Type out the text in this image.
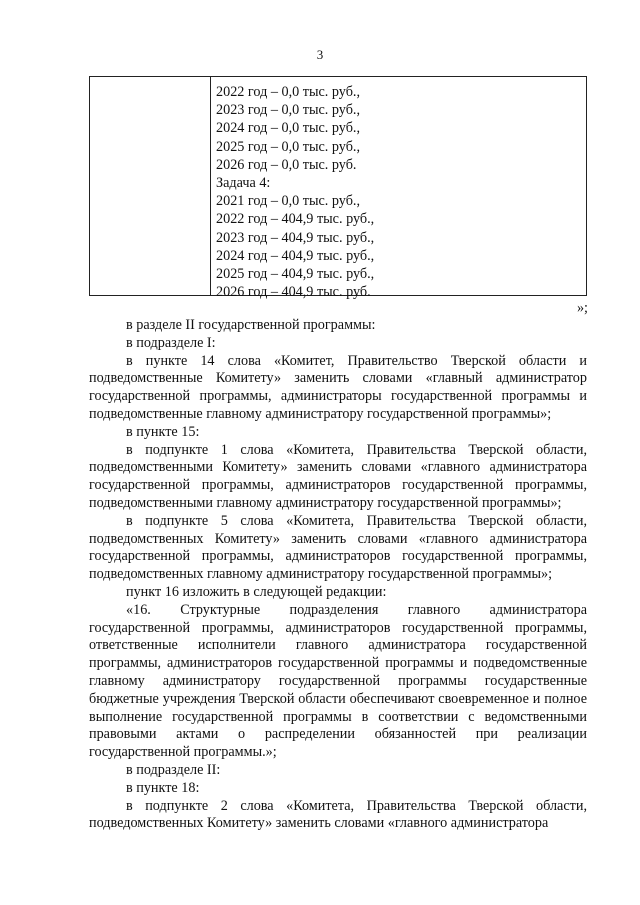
3
2022 год – 0,0 тыс. руб.,
2023 год – 0,0 тыс. руб.,
2024 год – 0,0 тыс. руб.,
2025 год – 0,0 тыс. руб.,
2026 год – 0,0 тыс. руб.
Задача 4:
2021 год – 0,0 тыс. руб.,
2022 год – 404,9 тыс. руб.,
2023 год – 404,9 тыс. руб.,
2024 год – 404,9 тыс. руб.,
2025 год – 404,9 тыс. руб.,
2026 год – 404,9 тыс. руб.
»;

в разделе II государственной программы:

в подразделе I:

в пункте 14 слова «Комитет, Правительство Тверской области и подведомственные Комитету» заменить словами «главный администратор государственной программы, администраторы государственной программы и подведомственные главному администратору государственной программы»;

в пункте 15:

в подпункте 1 слова «Комитета, Правительства Тверской области, подведомственными Комитету» заменить словами «главного администратора государственной программы, администраторов государственной программы, подведомственными главному администратору государственной программы»;

в подпункте 5 слова «Комитета, Правительства Тверской области, подведомственных Комитету» заменить словами «главного администратора государственной программы, администраторов государственной программы, подведомственных главному администратору государственной программы»;

пункт 16 изложить в следующей редакции:

«16. Структурные подразделения главного администратора государственной программы, администраторов государственной программы, ответственные исполнители главного администратора государственной программы, администраторов государственной программы и подведомственные главному администратору государственной программы государственные бюджетные учреждения Тверской области обеспечивают своевременное и полное выполнение государственной программы в соответствии с ведомственными правовыми актами о распределении обязанностей при реализации государственной программы.»;

в подразделе II:

в пункте 18:

в подпункте 2 слова «Комитета, Правительства Тверской области, подведомственных Комитету» заменить словами «главного администратора
